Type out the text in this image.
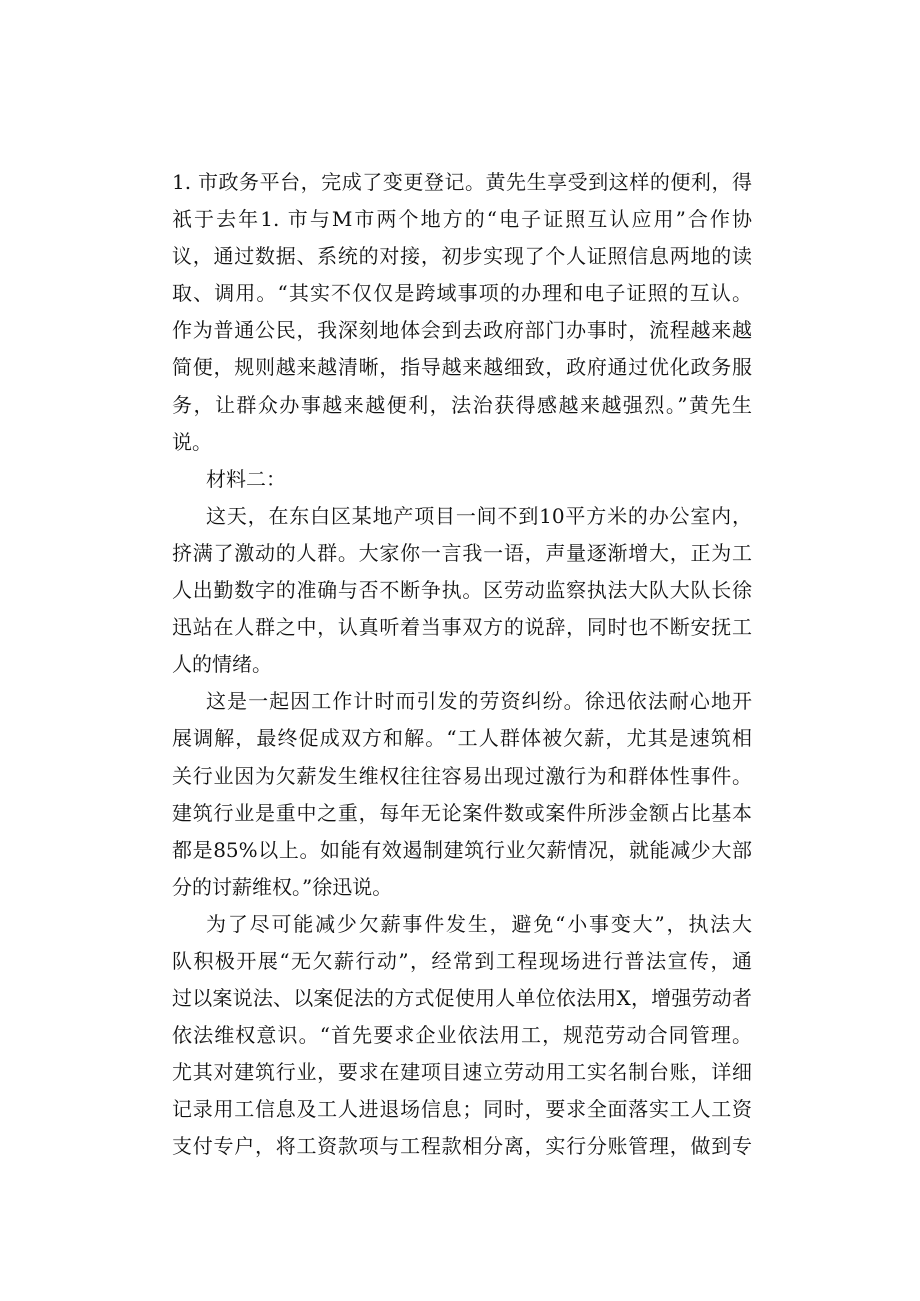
1. 市政务平台，完成了变更登记。黄先生享受到这样的便利，得
祇于去年1. 市与M市两个地方的“电子证照互认应用”合作协
议，通过数据、系统的对接，初步实现了个人证照信息两地的读
取、调用。“其实不仅仅是跨域事项的办理和电子证照的互认。
作为普通公民，我深刻地体会到去政府部门办事时，流程越来越
简便，规则越来越清晰，指导越来越细致，政府通过优化政务服
务，让群众办事越来越便利，法治获得感越来越强烈。”黄先生
说。
材料二：
这天，在东白区某地产项目一间不到10平方米的办公室内，
挤满了激动的人群。大家你一言我一语，声量逐渐增大，正为工
人出勤数字的准确与否不断争执。区劳动监察执法大队大队长徐
迅站在人群之中，认真听着当事双方的说辞，同时也不断安抚工
人的情绪。
这是一起因工作计时而引发的劳资纠纷。徐迅依法耐心地开
展调解，最终促成双方和解。“工人群体被欠薪，尤其是速筑相
关行业因为欠薪发生维权往往容易出现过激行为和群体性事件。
建筑行业是重中之重，每年无论案件数或案件所涉金额占比基本
都是85%以上。如能有效遏制建筑行业欠薪情况，就能减少大部
分的讨薪维权。”徐迅说。
为了尽可能减少欠薪事件发生，避免“小事变大”，执法大
队积极开展“无欠薪行动”，经常到工程现场进行普法宣传，通
过以案说法、以案促法的方式促使用人单位依法用X，增强劳动者
依法维权意识。“首先要求企业依法用工，规范劳动合同管理。
尤其对建筑行业，要求在建项目速立劳动用工实名制台账，详细
记录用工信息及工人进退场信息；同时，要求全面落实工人工资
支付专户，将工资款项与工程款相分离，实行分账管理，做到专
